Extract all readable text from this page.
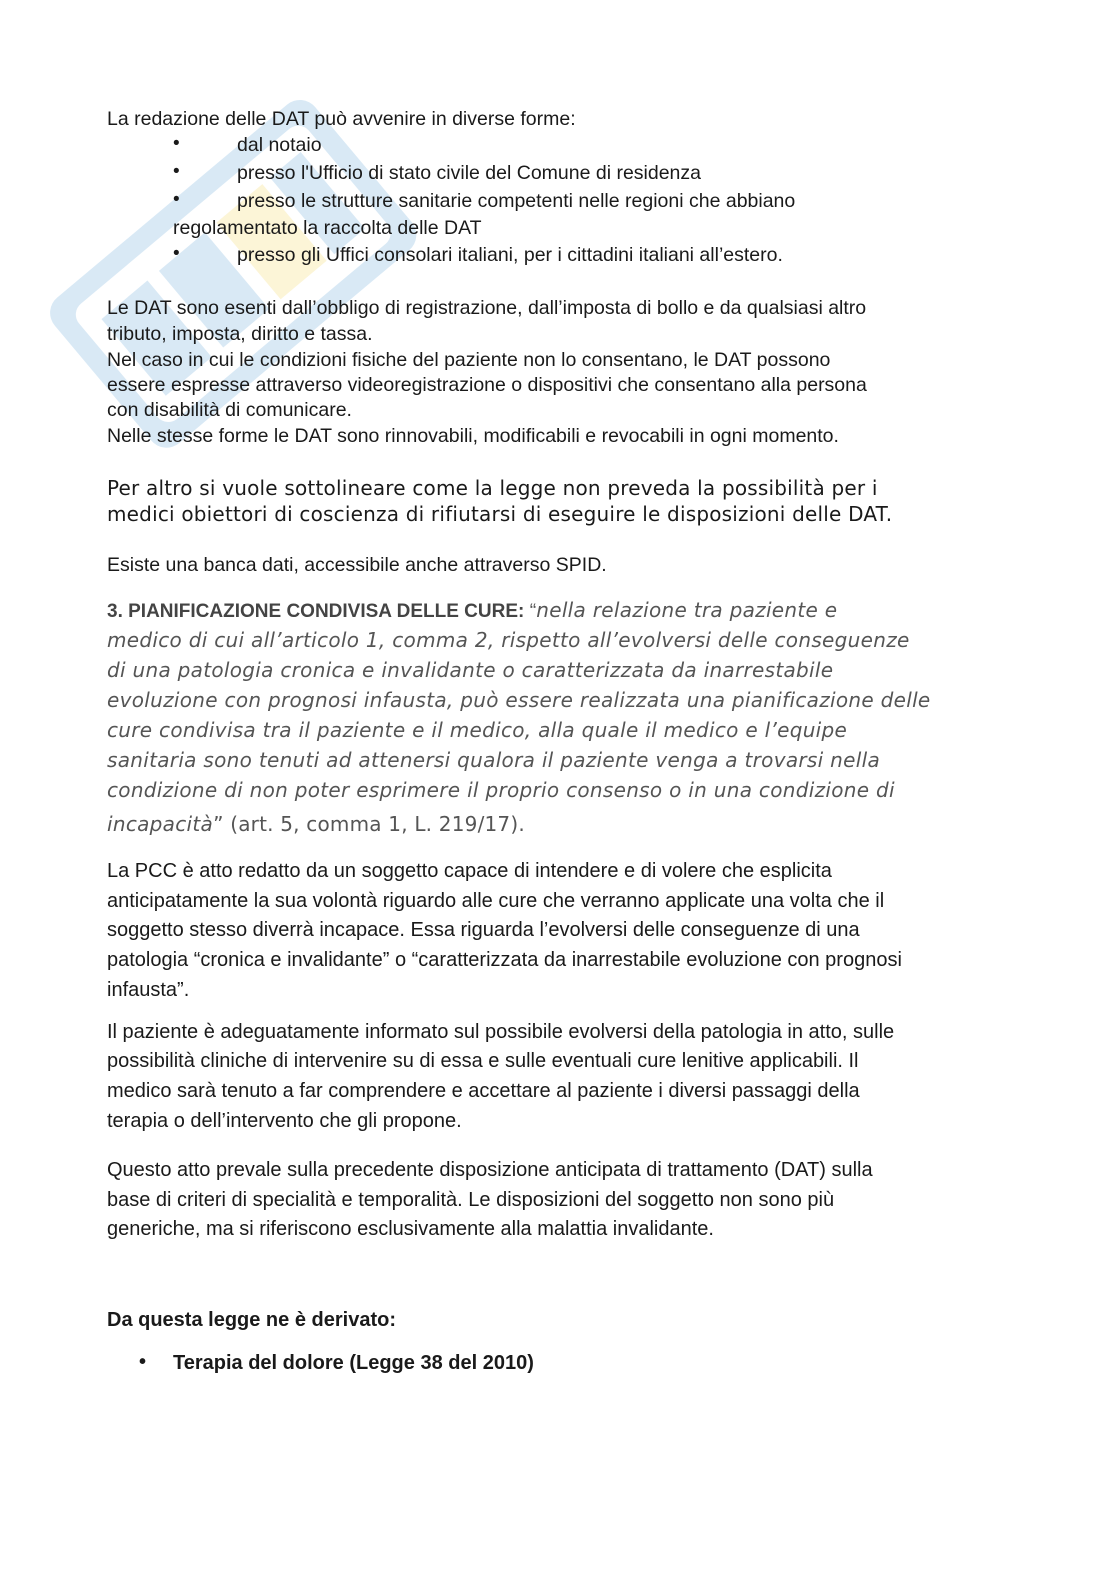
La redazione delle DAT può avvenire in diverse forme:
•	dal notaio
•	presso l'Ufficio di stato civile del Comune di residenza
•	presso le strutture sanitarie competenti nelle regioni che abbiano
regolamentato la raccolta delle DAT
•	presso gli Uffici consolari italiani, per i cittadini italiani all’estero.
Le DAT sono esenti dall’obbligo di registrazione, dall’imposta di bollo e da qualsiasi altro
tributo, imposta, diritto e tassa.
Nel caso in cui le condizioni fisiche del paziente non lo consentano, le DAT possono
essere espresse attraverso videoregistrazione o dispositivi che consentano alla persona
con disabilità di comunicare.
Nelle stesse forme le DAT sono rinnovabili, modificabili e revocabili in ogni momento.
Per altro si vuole sottolineare come la legge non preveda la possibilità per i
medici obiettori di coscienza di rifiutarsi di eseguire le disposizioni delle DAT.
Esiste una banca dati, accessibile anche attraverso SPID.
3. PIANIFICAZIONE CONDIVISA DELLE CURE: “nella relazione tra paziente e
medico di cui all’articolo 1, comma 2, rispetto all’evolversi delle conseguenze
di una patologia cronica e invalidante o caratterizzata da inarrestabile
evoluzione con prognosi infausta, può essere realizzata una pianificazione delle
cure condivisa tra il paziente e il medico, alla quale il medico e l’equipe
sanitaria sono tenuti ad attenersi qualora il paziente venga a trovarsi nella
condizione di non poter esprimere il proprio consenso o in una condizione di
incapacità” (art. 5, comma 1, L. 219/17).
La PCC è atto redatto da un soggetto capace di intendere e di volere che esplicita
anticipatamente la sua volontà riguardo alle cure che verranno applicate una volta che il
soggetto stesso diverrà incapace. Essa riguarda l’evolversi delle conseguenze di una
patologia “cronica e invalidante” o “caratterizzata da inarrestabile evoluzione con prognosi
infausta”.
Il paziente è adeguatamente informato sul possibile evolversi della patologia in atto, sulle
possibilità cliniche di intervenire su di essa e sulle eventuali cure lenitive applicabili. Il
medico sarà tenuto a far comprendere e accettare al paziente i diversi passaggi della
terapia o dell’intervento che gli propone.
Questo atto prevale sulla precedente disposizione anticipata di trattamento (DAT) sulla
base di criteri di specialità e temporalità. Le disposizioni del soggetto non sono più
generiche, ma si riferiscono esclusivamente alla malattia invalidante.
Da questa legge ne è derivato:
• Terapia del dolore (Legge 38 del 2010)
